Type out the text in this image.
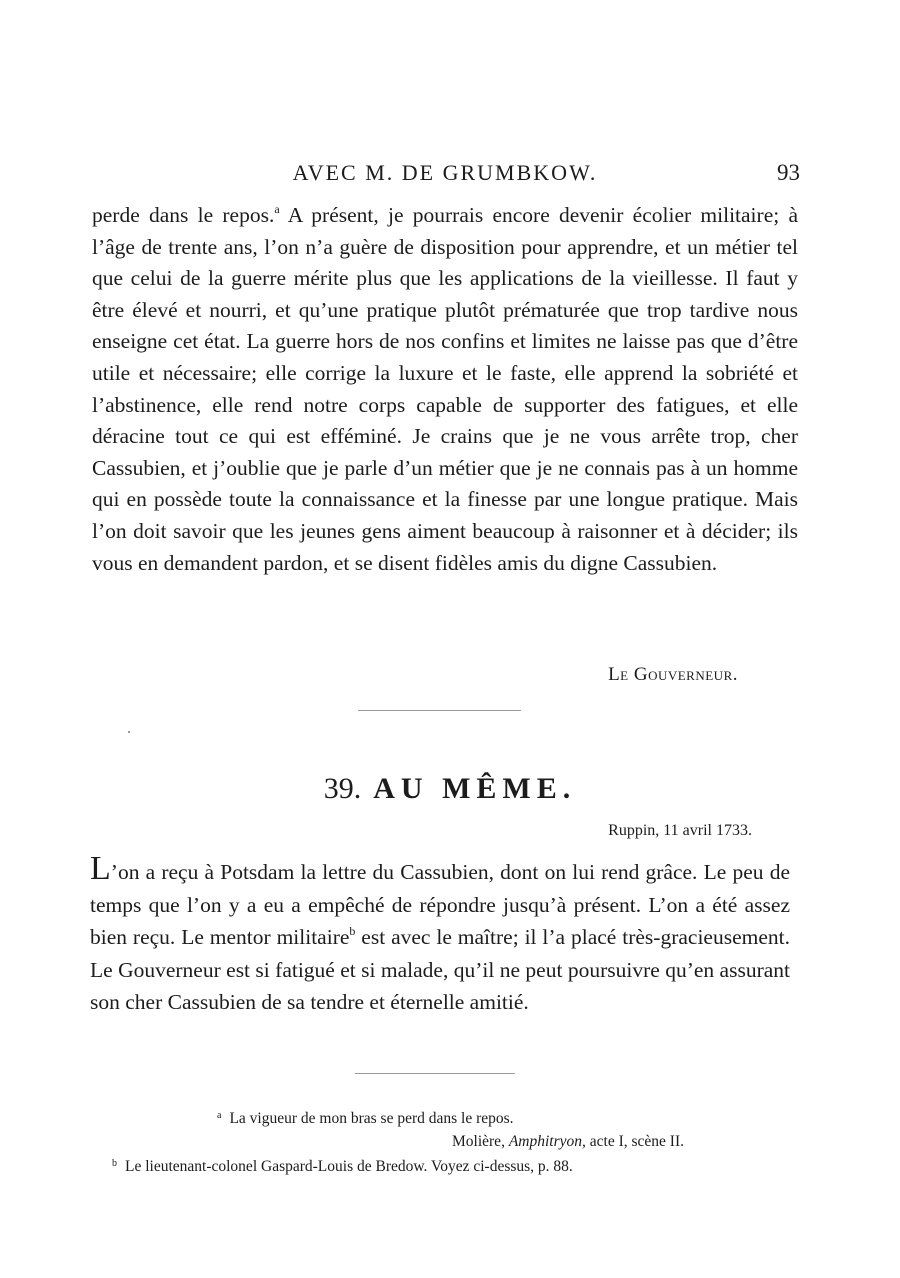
AVEC M. DE GRUMBKOW.	93

perde dans le repos.$^a$ A présent, je pourrais encore devenir écolier militaire; à l’âge de trente ans, l’on n’a guère de disposition pour apprendre, et un métier tel que celui de la guerre mérite plus que les applications de la vieillesse. Il faut y être élevé et nourri, et qu’une pratique plutôt prématurée que trop tardive nous enseigne cet état. La guerre hors de nos confins et limites ne laisse pas que d’être utile et nécessaire; elle corrige la luxure et le faste, elle apprend la sobriété et l’abstinence, elle rend notre corps capable de supporter des fatigues, et elle déracine tout ce qui est efféminé. Je crains que je ne vous arrête trop, cher Cassubien, et j’oublie que je parle d’un métier que je ne connais pas à un homme qui en possède toute la connaissance et la finesse par une longue pratique. Mais l’on doit savoir que les jeunes gens aiment beaucoup à raisonner et à décider; ils vous en demandent pardon, et se disent fidèles amis du digne Cassubien.

Le Gouverneur.
39. AU MÊME.
Ruppin, 11 avril 1733.

L’on a reçu à Potsdam la lettre du Cassubien, dont on lui rend grâce. Le peu de temps que l’on y a eu a empêché de répondre jusqu’à présent. L’on a été assez bien reçu. Le mentor militaire$^b$ est avec le maître; il l’a placé très-gracieusement. Le Gouverneur est si fatigué et si malade, qu’il ne peut poursuivre qu’en assurant son cher Cassubien de sa tendre et éternelle amitié.

$^a$ La vigueur de mon bras se perd dans le repos.
Molière, Amphitryon, acte I, scène II.
$^b$ Le lieutenant-colonel Gaspard-Louis de Bredow. Voyez ci-dessus, p. 88.
